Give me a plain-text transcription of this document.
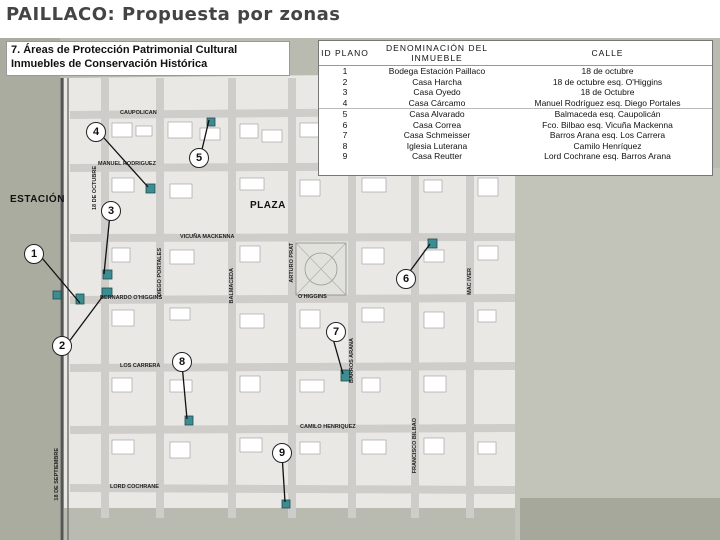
PAILLACO: Propuesta por zonas
CAUPOLICAN
MANUEL RODRIGUEZ
VICUÑA MACKENNA
BERNARDO O'HIGGINS	O'HIGGINS
LOS CARRERA
CAMILO HENRIQUEZ
LORD COCHRANE
DIEGO PORTALES	BALMACEDA
ARTURO PRAT
BARROS ARANA
FRANCISCO BILBAO
18 DE OCTUBRE
18 DE SEPTIEMBRE
MAC IVER
ESTACIÓN
PLAZA
1
2
3
4
5
6
7
8
9
7. Áreas de Protección Patrimonial Cultural
Inmuebles de Conservación Histórica
ID PLANO	DENOMINACIÓN DEL INMUEBLE	CALLE
1	Bodega Estación Paillaco	18 de octubre
2	Casa Harcha	18 de octubre esq. O'Higgins
3	Casa Oyedo	18 de Octubre
4	Casa Cárcamo	Manuel Rodríguez esq. Diego Portales
5	Casa Alvarado	Balmaceda esq. Caupolicán
6	Casa Correa	Fco. Bilbao esq. Vicuña Mackenna
7	Casa Schmeisser	Barros Arana esq. Los Carrera
8	Iglesia Luterana	Camilo Henríquez
9	Casa Reutter	Lord Cochrane esq. Barros Arana
